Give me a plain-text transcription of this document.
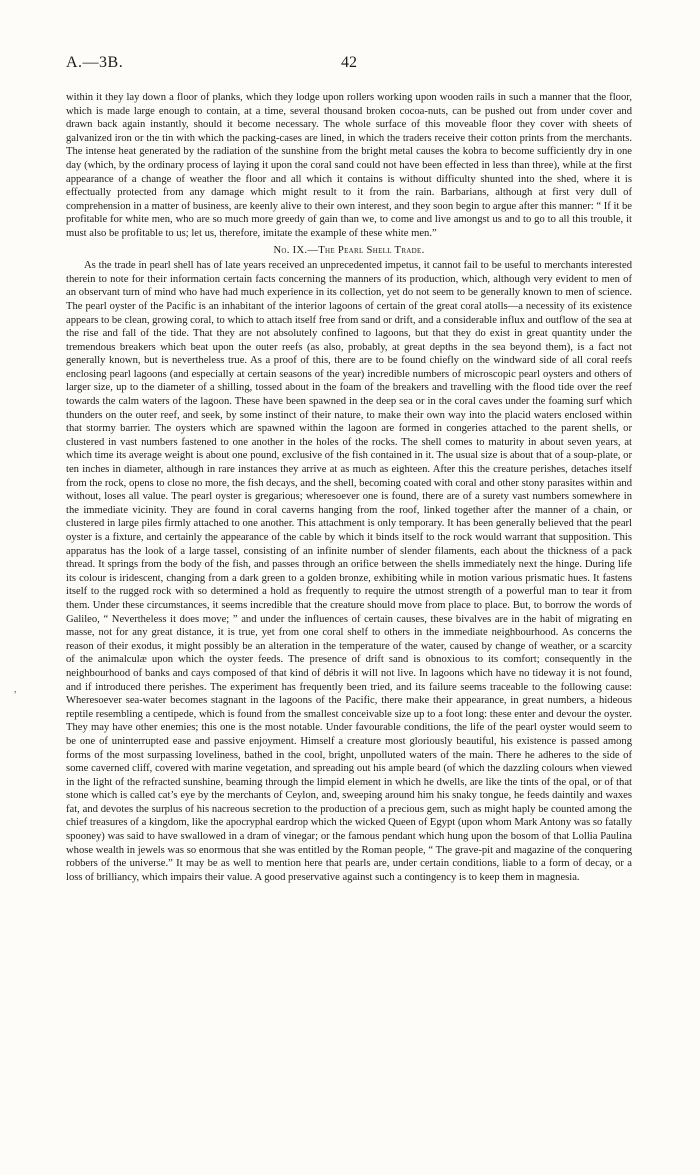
A.—3B.	42

within it they lay down a floor of planks, which they lodge upon rollers working upon wooden rails in such a manner that the floor, which is made large enough to contain, at a time, several thousand broken cocoa-nuts, can be pushed out from under cover and drawn back again instantly, should it become necessary. The whole surface of this moveable floor they cover with sheets of galvanized iron or the tin with which the packing-cases are lined, in which the traders receive their cotton prints from the merchants. The intense heat generated by the radiation of the sunshine from the bright metal causes the kobra to become sufficiently dry in one day (which, by the ordinary process of laying it upon the coral sand could not have been effected in less than three), while at the first appearance of a change of weather the floor and all which it contains is without difficulty shunted into the shed, where it is effectually protected from any damage which might result to it from the rain. Barbarians, although at first very dull of comprehension in a matter of business, are keenly alive to their own interest, and they soon begin to argue after this manner: “ If it be profitable for white men, who are so much more greedy of gain than we, to come and live amongst us and to go to all this trouble, it must also be profitable to us; let us, therefore, imitate the example of these white men.”

No. IX.—The Pearl Shell Trade.

As the trade in pearl shell has of late years received an unprecedented impetus, it cannot fail to be useful to merchants interested therein to note for their information certain facts concerning the manners of its production, which, although very evident to men of an observant turn of mind who have had much experience in its collection, yet do not seem to be generally known to men of science. The pearl oyster of the Pacific is an inhabitant of the interior lagoons of certain of the great coral atolls—a necessity of its existence appears to be clean, growing coral, to which to attach itself free from sand or drift, and a considerable influx and outflow of the sea at the rise and fall of the tide. That they are not absolutely confined to lagoons, but that they do exist in great quantity under the tremendous breakers which beat upon the outer reefs (as also, probably, at great depths in the sea beyond them), is a fact not generally known, but is nevertheless true. As a proof of this, there are to be found chiefly on the windward side of all coral reefs enclosing pearl lagoons (and especially at certain seasons of the year) incredible numbers of microscopic pearl oysters and others of larger size, up to the diameter of a shilling, tossed about in the foam of the breakers and travelling with the flood tide over the reef towards the calm waters of the lagoon. These have been spawned in the deep sea or in the coral caves under the foaming surf which thunders on the outer reef, and seek, by some instinct of their nature, to make their own way into the placid waters enclosed within that stormy barrier. The oysters which are spawned within the lagoon are formed in congeries attached to the parent shells, or clustered in vast numbers fastened to one another in the holes of the rocks. The shell comes to maturity in about seven years, at which time its average weight is about one pound, exclusive of the fish contained in it. The usual size is about that of a soup-plate, or ten inches in diameter, although in rare instances they arrive at as much as eighteen. After this the creature perishes, detaches itself from the rock, opens to close no more, the fish decays, and the shell, becoming coated with coral and other stony parasites within and without, loses all value. The pearl oyster is gregarious; wheresoever one is found, there are of a surety vast numbers somewhere in the immediate vicinity. They are found in coral caverns hanging from the roof, linked together after the manner of a chain, or clustered in large piles firmly attached to one another. This attachment is only temporary. It has been generally believed that the pearl oyster is a fixture, and certainly the appearance of the cable by which it binds itself to the rock would warrant that supposition. This apparatus has the look of a large tassel, consisting of an infinite number of slender filaments, each about the thickness of a pack thread. It springs from the body of the fish, and passes through an orifice between the shells immediately next the hinge. During life its colour is iridescent, changing from a dark green to a golden bronze, exhibiting while in motion various prismatic hues. It fastens itself to the rugged rock with so determined a hold as frequently to require the utmost strength of a powerful man to tear it from them. Under these circumstances, it seems incredible that the creature should move from place to place. But, to borrow the words of Galileo, “ Nevertheless it does move; ” and under the influences of certain causes, these bivalves are in the habit of migrating en masse, not for any great distance, it is true, yet from one coral shelf to others in the immediate neighbourhood. As concerns the reason of their exodus, it might possibly be an alteration in the temperature of the water, caused by change of weather, or a scarcity of the animalculæ upon which the oyster feeds. The presence of drift sand is obnoxious to its comfort; consequently in the neighbourhood of banks and cays composed of that kind of débris it will not live. In lagoons which have no tideway it is not found, and if introduced there perishes. The experiment has frequently been tried, and its failure seems traceable to the following cause: Wheresoever sea-water becomes stagnant in the lagoons of the Pacific, there make their appearance, in great numbers, a hideous reptile resembling a centipede, which is found from the smallest conceivable size up to a foot long: these enter and devour the oyster. They may have other enemies; this one is the most notable. Under favourable conditions, the life of the pearl oyster would seem to be one of uninterrupted ease and passive enjoyment. Himself a creature most gloriously beautiful, his existence is passed among forms of the most surpassing loveliness, bathed in the cool, bright, unpolluted waters of the main. There he adheres to the side of some caverned cliff, covered with marine vegetation, and spreading out his ample beard (of which the dazzling colours when viewed in the light of the refracted sunshine, beaming through the limpid element in which he dwells, are like the tints of the opal, or of that stone which is called cat’s eye by the merchants of Ceylon, and, sweeping around him his snaky tongue, he feeds daintily and waxes fat, and devotes the surplus of his nacreous secretion to the production of a precious gem, such as might haply be counted among the chief treasures of a kingdom, like the apocryphal eardrop which the wicked Queen of Egypt (upon whom Mark Antony was so fatally spooney) was said to have swallowed in a dram of vinegar; or the famous pendant which hung upon the bosom of that Lollia Paulina whose wealth in jewels was so enormous that she was entitled by the Roman people, “ The grave-pit and magazine of the conquering robbers of the universe.” It may be as well to mention here that pearls are, under certain conditions, liable to a form of decay, or a loss of brilliancy, which impairs their value. A good preservative against such a contingency is to keep them in magnesia.

,
